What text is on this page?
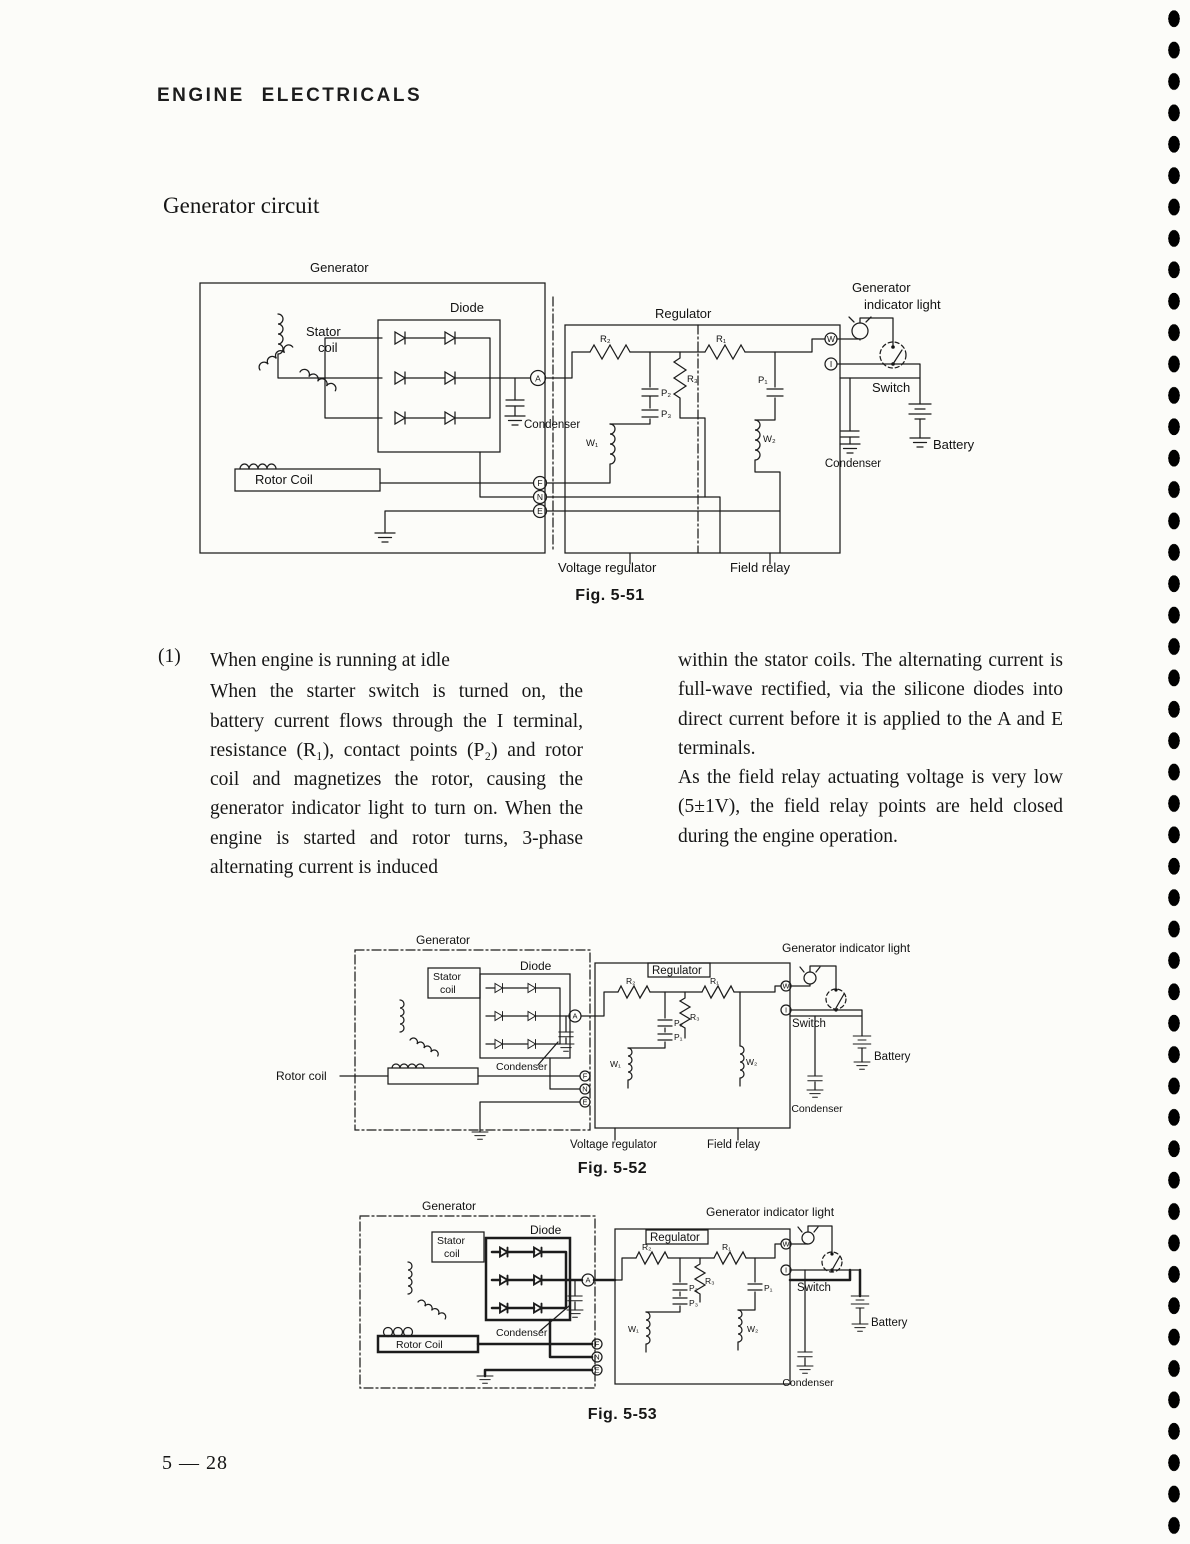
ENGINE ELECTRICALS
Generator circuit
Generator
Stator
coil
Diode
Rotor Coil
Condenser
Regulator
R₂	R₁
R₃
P₂
P₃
P₁
W₁	W₂
A
F
N
E
W
I
Generator
indicator light
Switch
Battery
Condenser
Voltage regulator	Field relay
Fig. 5-51
(1) When engine is running at idle

When the starter switch is turned on, the battery current flows through the I terminal, resistance (R₁), contact points (P₂) and rotor coil and magnetizes the rotor, causing the generator indicator light to turn on. When the engine is started and rotor turns, 3-phase alternating current is induced

within the stator coils. The alternating current is full-wave rectified, via the silicone diodes into direct current before it is applied to the A and E terminals.

As the field relay actuating voltage is very low (5±1V), the field relay points are held closed during the engine operation.

Generator
Stator
coil
Diode
Rotor coil
Condenser
Regulator
R₂	R₁
R₃
P₂
P₁
W₁	W₂
A
F
N
E
W
I
Generator indicator light
Switch
Battery
Condenser
Voltage regulator	Field relay
Fig. 5-52
Generator
Stator
coil
Diode
Rotor Coil
Condenser
Regulator
R₂	R₁
R₃
P₂
P₃
P₁
W₁	W₂
A
F
N
E
W
I
Generator indicator light
Switch
Battery
Condenser
Fig. 5-53
5 — 28
